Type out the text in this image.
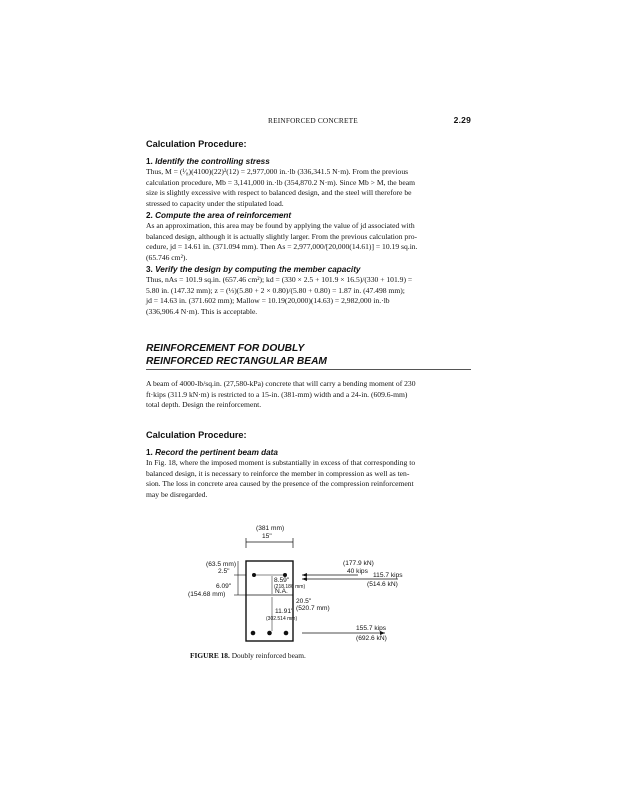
REINFORCED CONCRETE	2.29
Calculation Procedure:
1. Identify the controlling stress
Thus, M = (¹⁄₈)(4100)(22)²(12) = 2,977,000 in.·lb (336,341.5 N·m). From the previous
calculation procedure, Mb = 3,141,000 in.·lb (354,870.2 N·m). Since Mb > M, the beam
size is slightly excessive with respect to balanced design, and the steel will therefore be
stressed to capacity under the stipulated load.
2. Compute the area of reinforcement
As an approximation, this area may be found by applying the value of jd associated with
balanced design, although it is actually slightly larger. From the previous calculation pro-
cedure, jd = 14.61 in. (371.094 mm). Then As = 2,977,000/[20,000(14.61)] = 10.19 sq.in.
(65.746 cm²).
3. Verify the design by computing the member capacity
Thus, nAs = 101.9 sq.in. (657.46 cm²); kd = (330 × 2.5 + 101.9 × 16.5)/(330 + 101.9) =
5.80 in. (147.32 mm); z = (⅓)(5.80 + 2 × 0.80)/(5.80 + 0.80) = 1.87 in. (47.498 mm);
jd = 14.63 in. (371.602 mm); Mallow = 10.19(20,000)(14.63) = 2,982,000 in.·lb
(336,906.4 N·m). This is acceptable.
REINFORCEMENT FOR DOUBLY
REINFORCED RECTANGULAR BEAM
A beam of 4000-lb/sq.in. (27,580-kPa) concrete that will carry a bending moment of 230
ft·kips (311.9 kN·m) is restricted to a 15-in. (381-mm) width and a 24-in. (609.6-mm)
total depth. Design the reinforcement.
Calculation Procedure:
1. Record the pertinent beam data
In Fig. 18, where the imposed moment is substantially in excess of that corresponding to
balanced design, it is necessary to reinforce the member in compression as well as ten-
sion. The loss in concrete area caused by the presence of the compression reinforcement
may be disregarded.
(381 mm)
15"
(63.5 mm)
2.5"
6.09"
(154.68 mm)
8.59"
(218.186 mm)
N.A.
11.91"
(302.514 mm)
20.5"
(520.7 mm)
(177.9 kN)
40 kips
115.7 kips
(514.6 kN)
155.7 kips
(692.6 kN)
FIGURE 18. Doubly reinforced beam.
